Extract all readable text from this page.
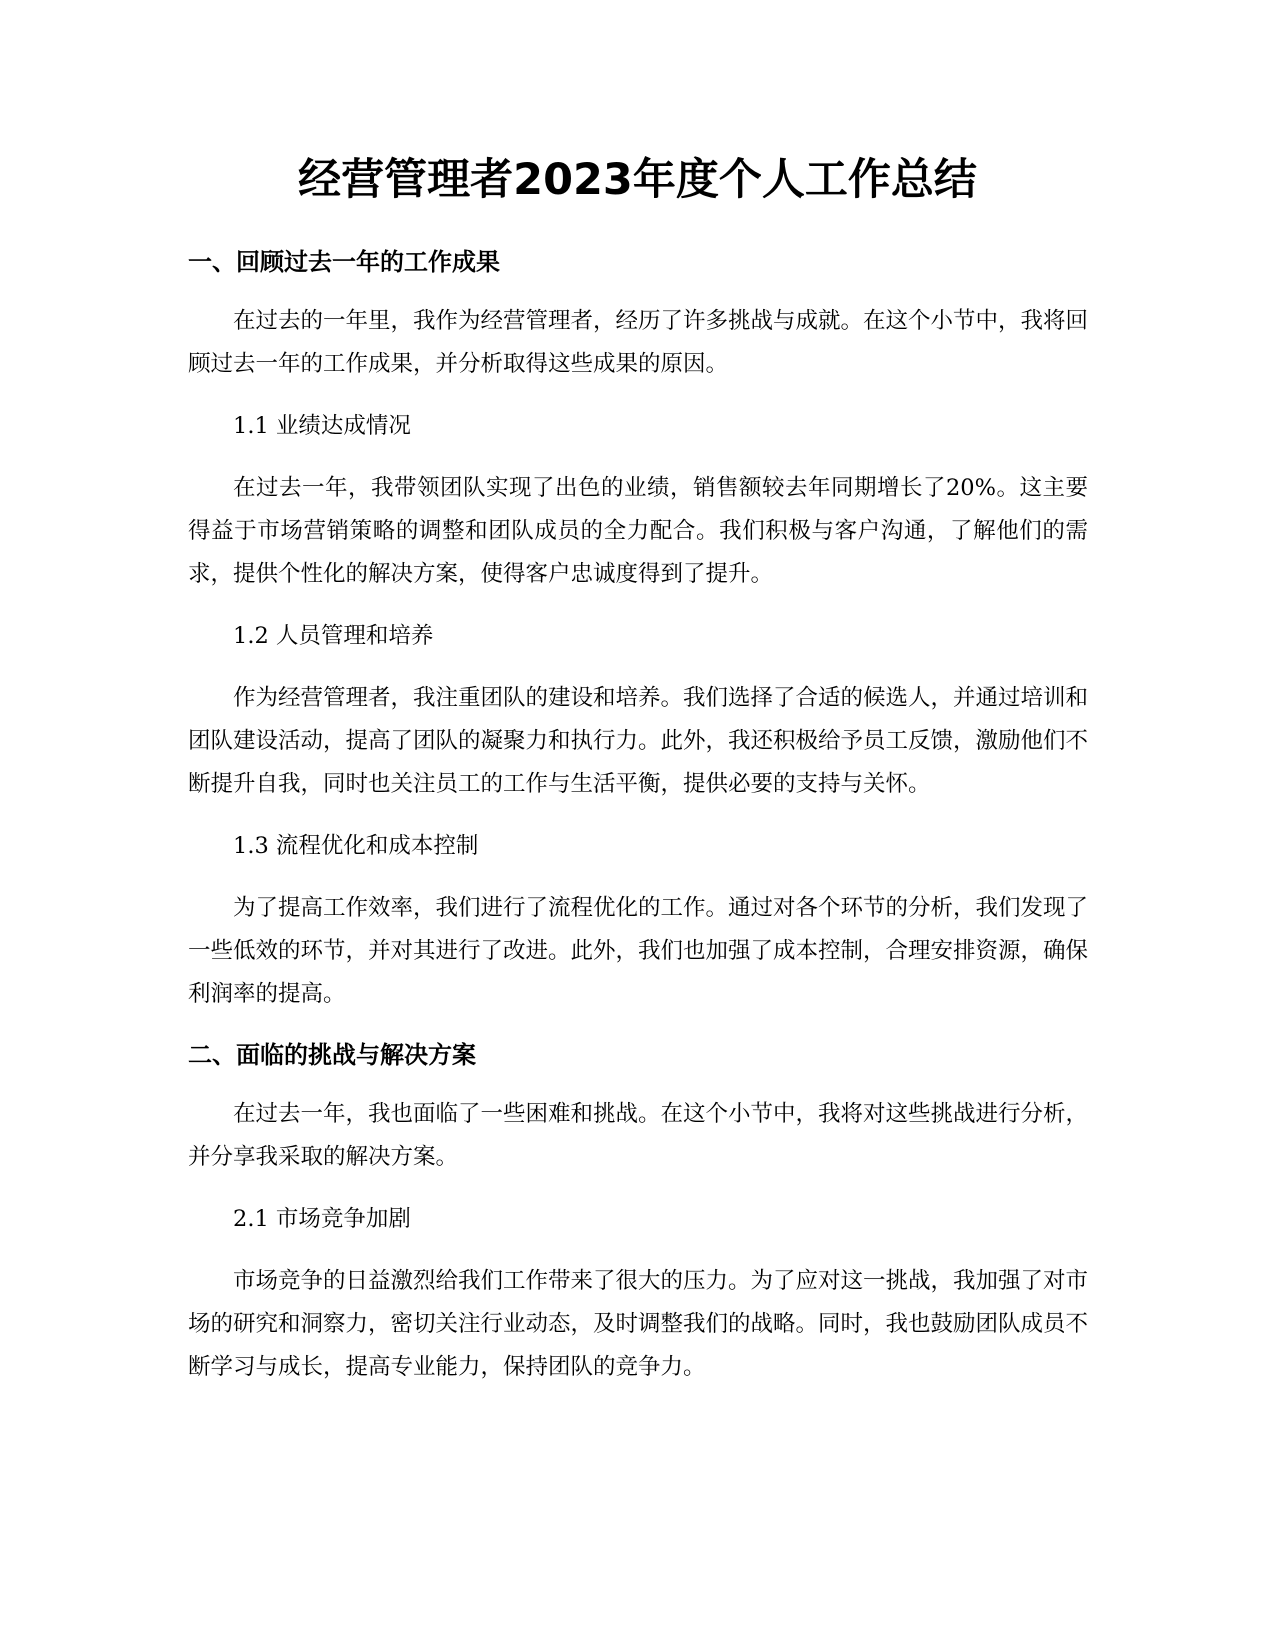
经营管理者2023年度个人工作总结
一、回顾过去一年的工作成果

在过去的一年里，我作为经营管理者，经历了许多挑战与成就。在这个小节中，我将回顾过去一年的工作成果，并分析取得这些成果的原因。

1.1 业绩达成情况

在过去一年，我带领团队实现了出色的业绩，销售额较去年同期增长了20%。这主要得益于市场营销策略的调整和团队成员的全力配合。我们积极与客户沟通，了解他们的需求，提供个性化的解决方案，使得客户忠诚度得到了提升。

1.2 人员管理和培养

作为经营管理者，我注重团队的建设和培养。我们选择了合适的候选人，并通过培训和团队建设活动，提高了团队的凝聚力和执行力。此外，我还积极给予员工反馈，激励他们不断提升自我，同时也关注员工的工作与生活平衡，提供必要的支持与关怀。

1.3 流程优化和成本控制

为了提高工作效率，我们进行了流程优化的工作。通过对各个环节的分析，我们发现了一些低效的环节，并对其进行了改进。此外，我们也加强了成本控制，合理安排资源，确保利润率的提高。

二、面临的挑战与解决方案

在过去一年，我也面临了一些困难和挑战。在这个小节中，我将对这些挑战进行分析，并分享我采取的解决方案。

2.1 市场竞争加剧

市场竞争的日益激烈给我们工作带来了很大的压力。为了应对这一挑战，我加强了对市场的研究和洞察力，密切关注行业动态，及时调整我们的战略。同时，我也鼓励团队成员不断学习与成长，提高专业能力，保持团队的竞争力。
